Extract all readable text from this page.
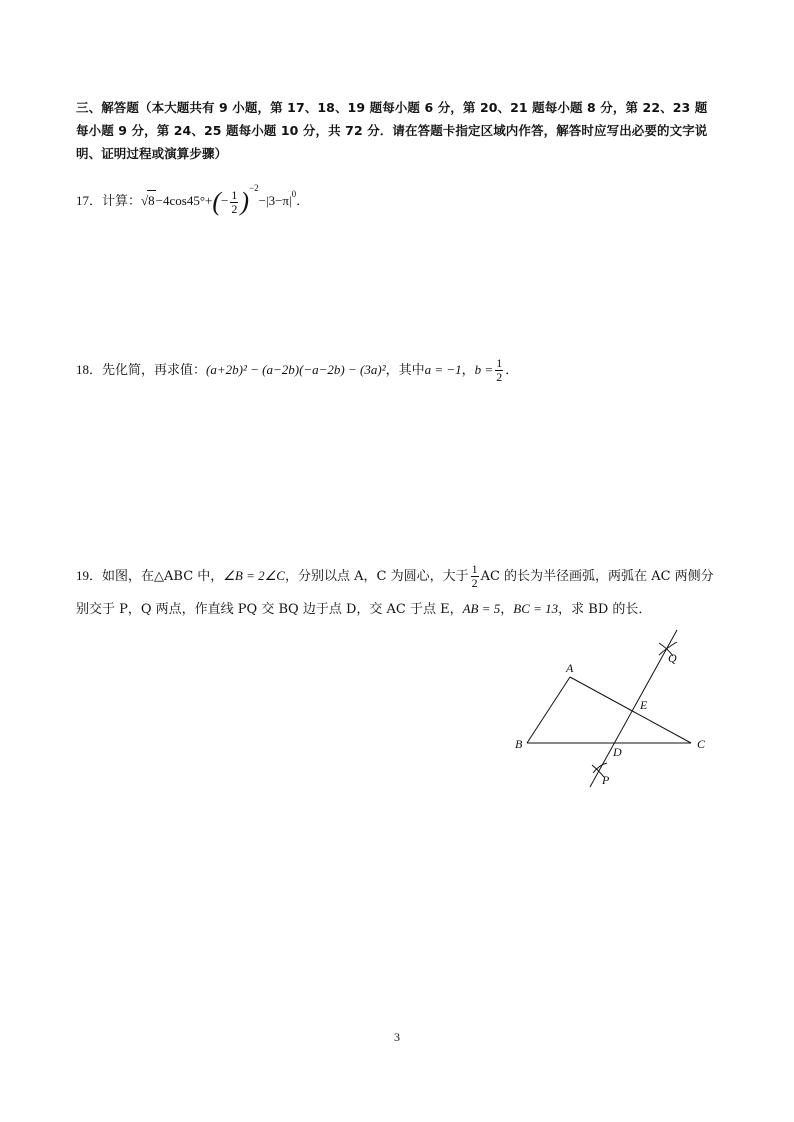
三、解答题（本大题共有 9 小题，第 17、18、19 题每小题 6 分，第 20、21 题每小题 8 分，第 22、23 题每小题 9 分，第 24、25 题每小题 10 分，共 72 分．请在答题卡指定区域内作答，解答时应写出必要的文字说明、证明过程或演算步骤）
17．计算：$√8-4\cos 45^\circ+(- \frac{1}{2} )^{-2}-|3-\pi|^0$．
18．先化简，再求值：(a+2b)² − (a−2b)(−a−2b) − (3a)²，其中a = −1，$b = \frac{1}{2}$ ．
19．如图，在△ABC 中，∠B = 2∠C，分别以点 A，C 为圆心，大于 $\frac{1}{2}$ AC 的长为半径画弧，两弧在 AC 两侧分别交于 P，Q 两点，作直线 PQ 交 BQ 边于点 D，交 AC 于点 E，AB = 5，BC = 13，求 BD 的长．
A
B	C
D
E
P
Q
3
